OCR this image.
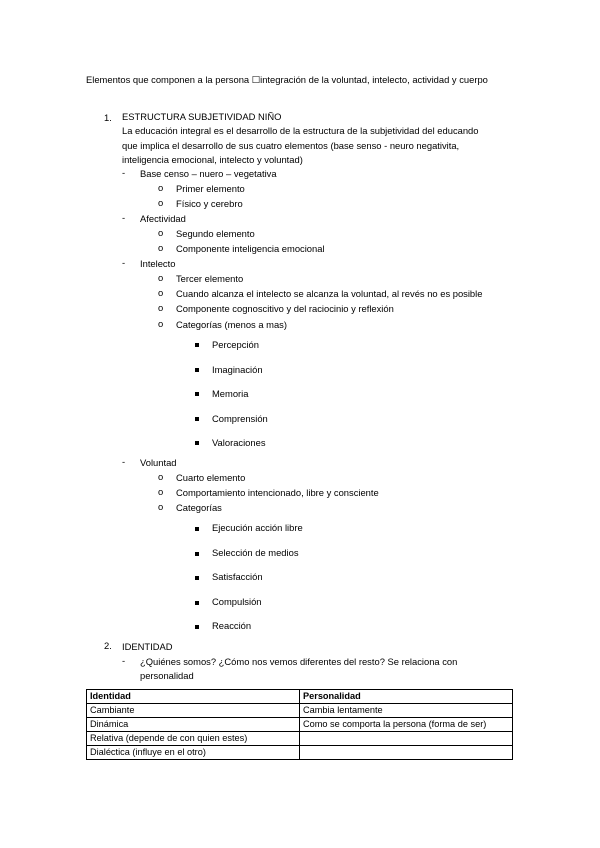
Elementos que componen a la persona ☐integración de la voluntad, intelecto, actividad y cuerpo
1. ESTRUCTURA SUBJETIVIDAD NIÑO
La educación integral es el desarrollo de la estructura de la subjetividad del educando
que implica el desarrollo de sus cuatro elementos (base senso - neuro negativita,
inteligencia emocional, intelecto y voluntad)
- Base censo – nuero – vegetativa
o Primer elemento
o Físico y cerebro
- Afectividad
o Segundo elemento
o Componente inteligencia emocional
- Intelecto
o Tercer elemento
o Cuando alcanza el intelecto se alcanza la voluntad, al revés no es posible
o Componente cognoscitivo y del raciocinio y reflexión
o Categorías (menos a mas)
Percepción
Imaginación
Memoria
Comprensión
Valoraciones
- Voluntad
o Cuarto elemento
o Comportamiento intencionado, libre y consciente
o Categorías
Ejecución acción libre
Selección de medios
Satisfacción
Compulsión
Reacción
2. IDENTIDAD
- ¿Quiénes somos? ¿Cómo nos vemos diferentes del resto? Se relaciona con
personalidad
Identidad	Personalidad
Cambiante	Cambia lentamente
Dinámica	Como se comporta la persona (forma de ser)
Relativa (depende de con quien estes)	
Dialéctica (influye en el otro)	
